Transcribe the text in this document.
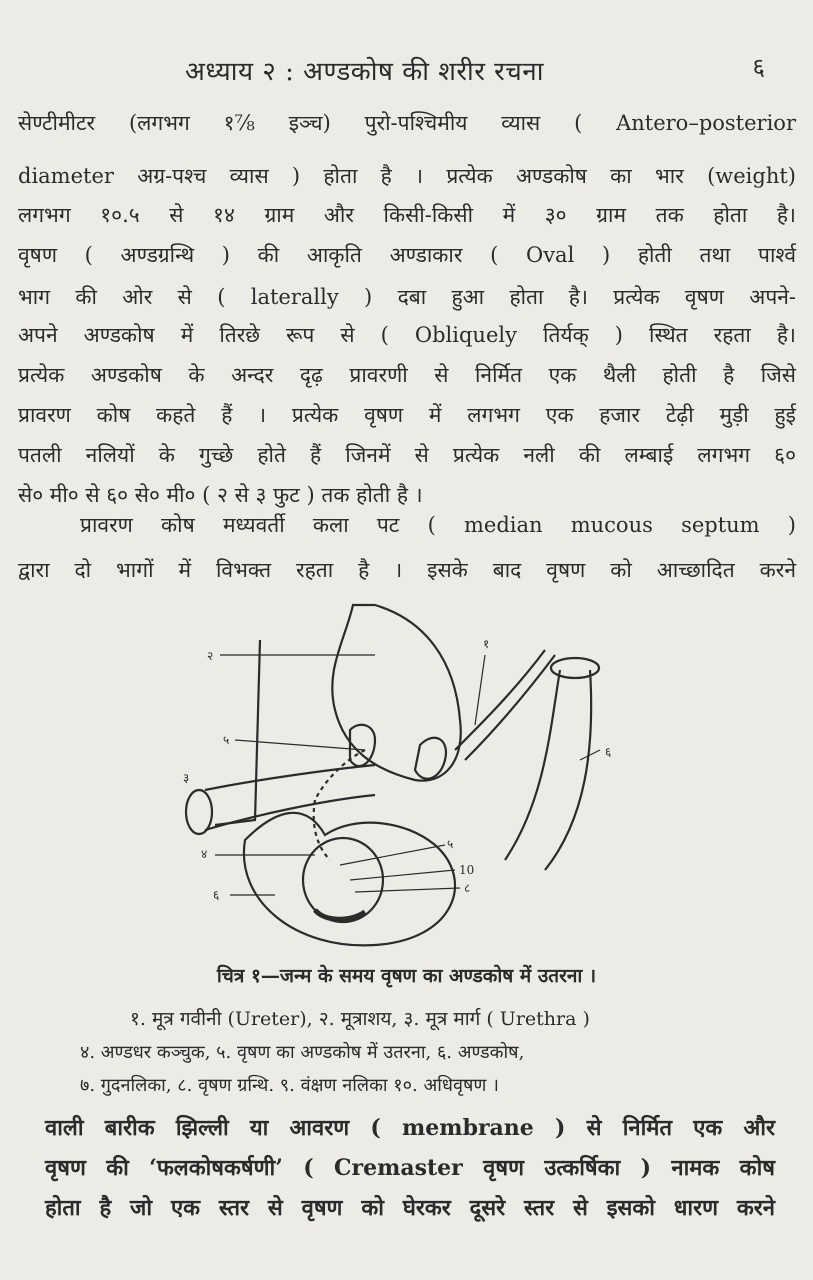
अध्याय २ : अण्डकोष की शरीर रचना	६
सेण्टीमीटर (लगभग १⅞ इञ्च) पुरो-पश्चिमीय व्यास ( Antero–posterior
diameter अग्र-पश्च व्यास ) होता है । प्रत्येक अण्डकोष का भार (weight)
लगभग १०.५ से १४ ग्राम और किसी-किसी में ३० ग्राम तक होता है।
वृषण ( अण्डग्रन्थि ) की आकृति अण्डाकार ( Oval ) होती तथा पार्श्व
भाग की ओर से ( laterally ) दबा हुआ होता है। प्रत्येक वृषण अपने-
अपने अण्डकोष में तिरछे रूप से ( Obliquely तिर्यक् ) स्थित रहता है।
प्रत्येक अण्डकोष के अन्दर दृढ़ प्रावरणी से निर्मित एक थैली होती है जिसे
प्रावरण कोष कहते हैं । प्रत्येक वृषण में लगभग एक हजार टेढ़ी मुड़ी हुई
पतली नलियों के गुच्छे होते हैं जिनमें से प्रत्येक नली की लम्बाई लगभग ६०
से० मी० से ६० से० मी० ( २ से ३ फुट ) तक होती है ।
प्रावरण कोष मध्यवर्ती कला पट ( median mucous septum )
द्वारा दो भागों में विभक्त रहता है । इसके बाद वृषण को आच्छादित करने
२
१
५
३
६
४
५
10
८
६
चित्र १—जन्म के समय वृषण का अण्डकोष में उतरना ।
१. मूत्र गवीनी (Ureter), २. मूत्राशय, ३. मूत्र मार्ग ( Urethra )
४. अण्डधर कञ्चुक, ५. वृषण का अण्डकोष में उतरना, ६. अण्डकोष,
७. गुदनलिका, ८. वृषण ग्रन्थि. ९. वंक्षण नलिका १०. अधिवृषण ।
वाली बारीक झिल्ली या आवरण ( membrane ) से निर्मित एक और
वृषण की ‘फलकोषकर्षणी’ ( Cremaster वृषण उत्कर्षिका ) नामक कोष
होता है जो एक स्तर से वृषण को घेरकर दूसरे स्तर से इसको धारण करने
